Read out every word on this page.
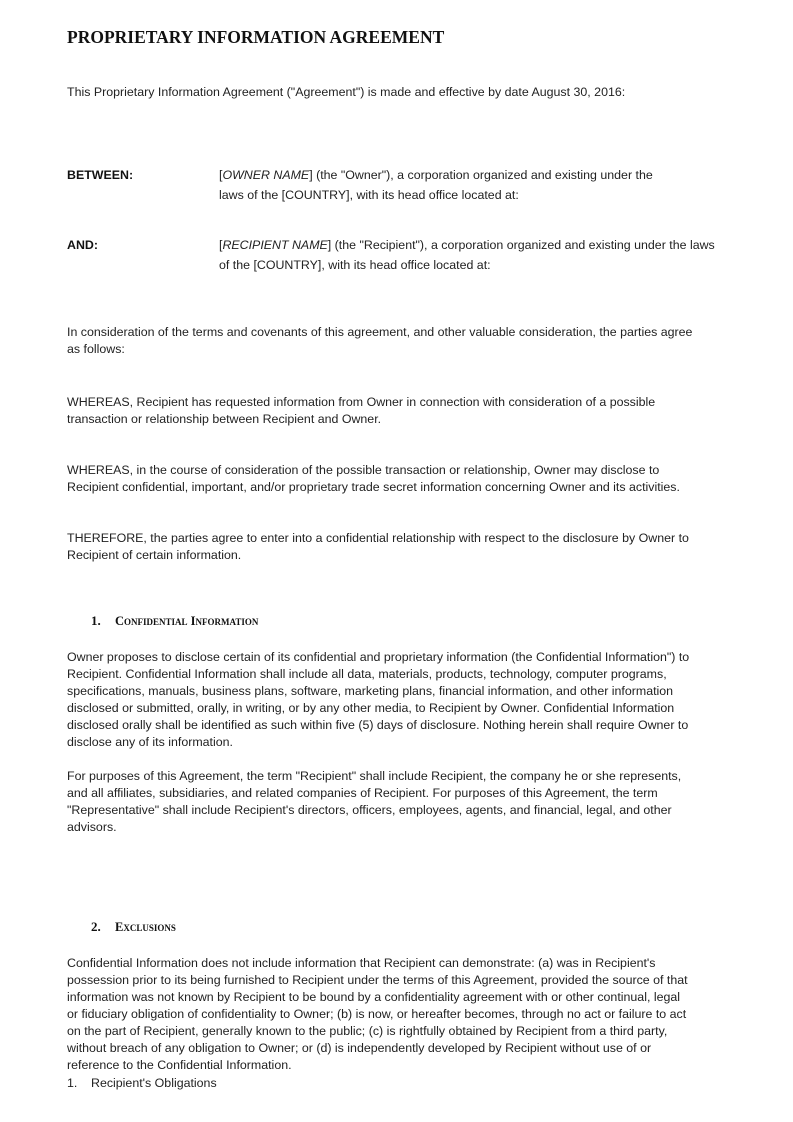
PROPRIETARY INFORMATION AGREEMENT

This Proprietary Information Agreement ("Agreement") is made and effective by date August 30, 2016:

BETWEEN:	[OWNER NAME] (the "Owner"), a corporation organized and existing under the
laws of the [COUNTRY], with its head office located at:
AND:	[RECIPIENT NAME] (the "Recipient"), a corporation organized and existing under the laws
of the [COUNTRY], with its head office located at:
In consideration of the terms and covenants of this agreement, and other valuable consideration, the parties agree
as follows:
WHEREAS, Recipient has requested information from Owner in connection with consideration of a possible
transaction or relationship between Recipient and Owner.
WHEREAS, in the course of consideration of the possible transaction or relationship, Owner may disclose to
Recipient confidential, important, and/or proprietary trade secret information concerning Owner and its activities.
THEREFORE, the parties agree to enter into a confidential relationship with respect to the disclosure by Owner to
Recipient of certain information.
1. Confidential Information
Owner proposes to disclose certain of its confidential and proprietary information (the Confidential Information") to
Recipient. Confidential Information shall include all data, materials, products, technology, computer programs,
specifications, manuals, business plans, software, marketing plans, financial information, and other information
disclosed or submitted, orally, in writing, or by any other media, to Recipient by Owner. Confidential Information
disclosed orally shall be identified as such within five (5) days of disclosure. Nothing herein shall require Owner to
disclose any of its information.
For purposes of this Agreement, the term "Recipient" shall include Recipient, the company he or she represents,
and all affiliates, subsidiaries, and related companies of Recipient. For purposes of this Agreement, the term
"Representative" shall include Recipient's directors, officers, employees, agents, and financial, legal, and other
advisors.
2. Exclusions
Confidential Information does not include information that Recipient can demonstrate: (a) was in Recipient's
possession prior to its being furnished to Recipient under the terms of this Agreement, provided the source of that
information was not known by Recipient to be bound by a confidentiality agreement with or other continual, legal
or fiduciary obligation of confidentiality to Owner; (b) is now, or hereafter becomes, through no act or failure to act
on the part of Recipient, generally known to the public; (c) is rightfully obtained by Recipient from a third party,
without breach of any obligation to Owner; or (d) is independently developed by Recipient without use of or
reference to the Confidential Information.
1. Recipient's Obligations
